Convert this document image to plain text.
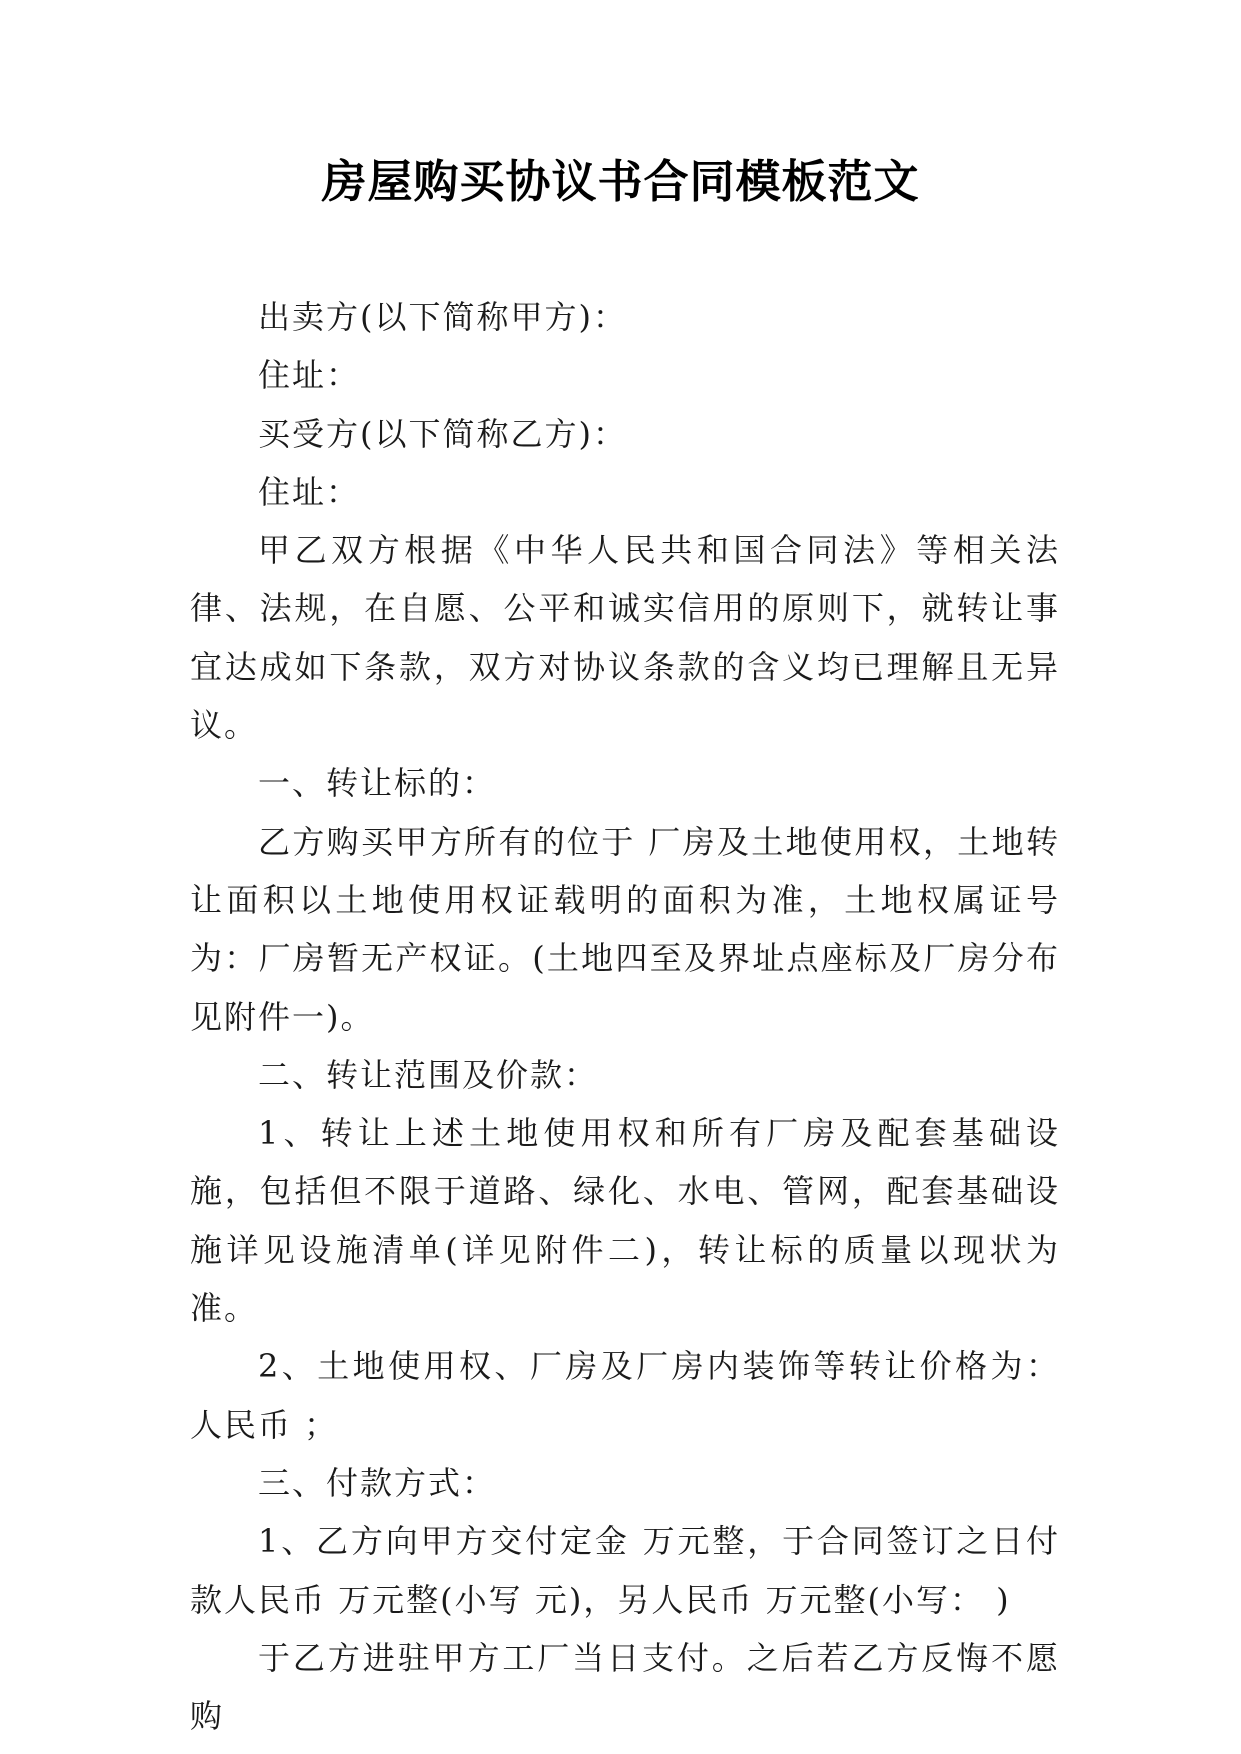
房屋购买协议书合同模板范文

出卖方(以下简称甲方)：

住址：

买受方(以下简称乙方)：

住址：

甲乙双方根据《中华人民共和国合同法》等相关法律、法规，在自愿、公平和诚实信用的原则下，就转让事宜达成如下条款，双方对协议条款的含义均已理解且无异议。

一、转让标的：

乙方购买甲方所有的位于 厂房及土地使用权，土地转让面积以土地使用权证载明的面积为准，土地权属证号为：厂房暂无产权证。(土地四至及界址点座标及厂房分布见附件一)。

二、转让范围及价款：

1、转让上述土地使用权和所有厂房及配套基础设施，包括但不限于道路、绿化、水电、管网，配套基础设施详见设施清单(详见附件二)，转让标的质量以现状为准。

2、土地使用权、厂房及厂房内装饰等转让价格为：人民币 ；

三、付款方式：

1、乙方向甲方交付定金 万元整，于合同签订之日付款人民币 万元整(小写 元)，另人民币 万元整(小写： )

于乙方进驻甲方工厂当日支付。之后若乙方反悔不愿购
